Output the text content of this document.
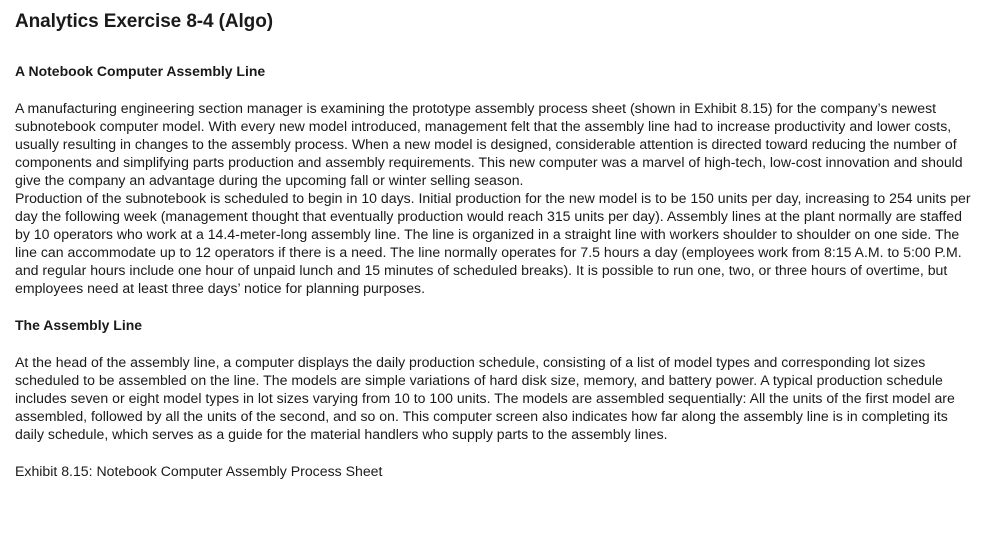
Analytics Exercise 8-4 (Algo)
A Notebook Computer Assembly Line

A manufacturing engineering section manager is examining the prototype assembly process sheet (shown in Exhibit 8.15) for the company’s newest subnotebook computer model. With every new model introduced, management felt that the assembly line had to increase productivity and lower costs, usually resulting in changes to the assembly process. When a new model is designed, considerable attention is directed toward reducing the number of components and simplifying parts production and assembly requirements. This new computer was a marvel of high-tech, low-cost innovation and should give the company an advantage during the upcoming fall or winter selling season.

Production of the subnotebook is scheduled to begin in 10 days. Initial production for the new model is to be 150 units per day, increasing to 254 units per day the following week (management thought that eventually production would reach 315 units per day). Assembly lines at the plant normally are staffed by 10 operators who work at a 14.4-meter-long assembly line. The line is organized in a straight line with workers shoulder to shoulder on one side. The line can accommodate up to 12 operators if there is a need. The line normally operates for 7.5 hours a day (employees work from 8:15 A.M. to 5:00 P.M. and regular hours include one hour of unpaid lunch and 15 minutes of scheduled breaks). It is possible to run one, two, or three hours of overtime, but employees need at least three days’ notice for planning purposes.

The Assembly Line

At the head of the assembly line, a computer displays the daily production schedule, consisting of a list of model types and corresponding lot sizes scheduled to be assembled on the line. The models are simple variations of hard disk size, memory, and battery power. A typical production schedule includes seven or eight model types in lot sizes varying from 10 to 100 units. The models are assembled sequentially: All the units of the first model are assembled, followed by all the units of the second, and so on. This computer screen also indicates how far along the assembly line is in completing its daily schedule, which serves as a guide for the material handlers who supply parts to the assembly lines.

Exhibit 8.15: Notebook Computer Assembly Process Sheet
